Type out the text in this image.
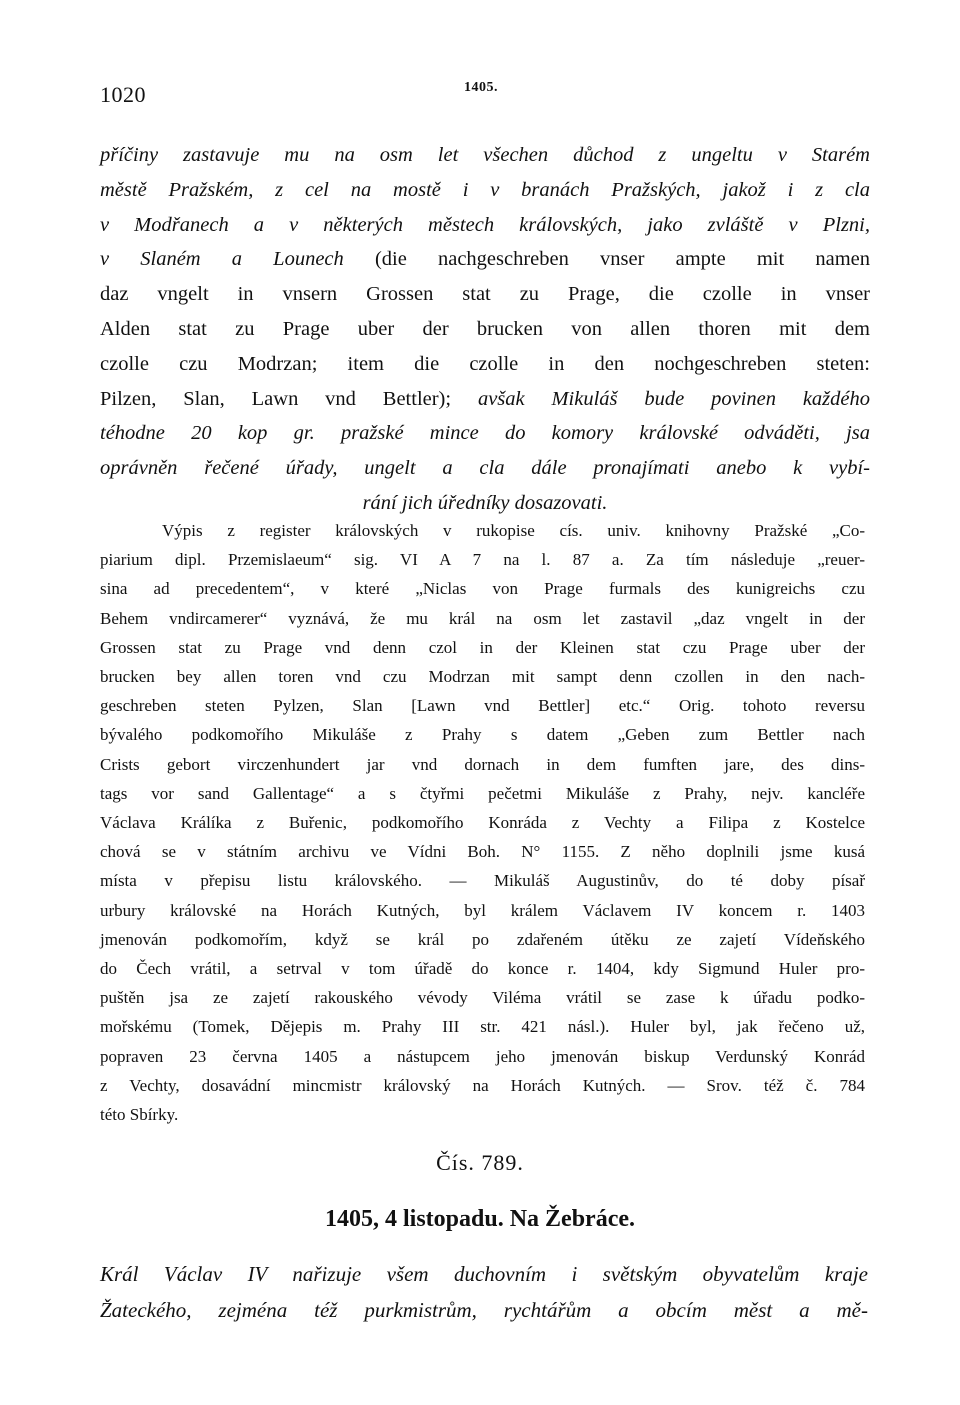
1020	1405.
příčiny zastavuje mu na osm let všechen důchod z ungeltu v Starém
městě Pražském, z cel na mostě i v branách Pražských, jakož i z cla
v Modřanech a v některých městech královských, jako zvláště v Plzni,
v Slaném a Lounech (die nachgeschreben vnser ampte mit namen
daz vngelt in vnsern Grossen stat zu Prage, die czolle in vnser
Alden stat zu Prage uber der brucken von allen thoren mit dem
czolle czu Modrzan; item die czolle in den nochgeschreben steten:
Pilzen, Slan, Lawn vnd Bettler); avšak Mikuláš bude povinen každého
téhodne 20 kop gr. pražské mince do komory královské odváděti, jsa
oprávněn řečené úřady, ungelt a cla dále pronajímati anebo k vybí-
rání jich úředníky dosazovati.
Výpis z register královských v rukopise cís. univ. knihovny Pražské „Co-
piarium dipl. Przemislaeum“ sig. VI A 7 na l. 87 a. Za tím následuje „reuer-
sina ad precedentem“, v které „Niclas von Prage furmals des kunigreichs czu
Behem vndircamerer“ vyznává, že mu král na osm let zastavil „daz vngelt in der
Grossen stat zu Prage vnd denn czol in der Kleinen stat czu Prage uber der
brucken bey allen toren vnd czu Modrzan mit sampt denn czollen in den nach-
geschreben steten Pylzen, Slan [Lawn vnd Bettler] etc.“ Orig. tohoto reversu
bývalého podkomořího Mikuláše z Prahy s datem „Geben zum Bettler nach
Crists gebort virczenhundert jar vnd dornach in dem fumften jare, des dins-
tags vor sand Gallentage“ a s čtyřmi pečetmi Mikuláše z Prahy, nejv. kancléře
Václava Králíka z Buřenic, podkomořího Konráda z Vechty a Filipa z Kostelce
chová se v státním archivu ve Vídni Boh. N° 1155. Z něho doplnili jsme kusá
místa v přepisu listu královského. — Mikuláš Augustinův, do té doby písař
urbury královské na Horách Kutných, byl králem Václavem IV koncem r. 1403
jmenován podkomořím, když se král po zdařeném útěku ze zajetí Vídeňského
do Čech vrátil, a setrval v tom úřadě do konce r. 1404, kdy Sigmund Huler pro-
puštěn jsa ze zajetí rakouského vévody Viléma vrátil se zase k úřadu podko-
mořskému (Tomek, Dějepis m. Prahy III str. 421 násl.). Huler byl, jak řečeno už,
popraven 23 června 1405 a nástupcem jeho jmenován biskup Verdunský Konrád
z Vechty, dosavádní mincmistr královský na Horách Kutných. — Srov. též č. 784
této Sbírky.
Čís. 789.
1405, 4 listopadu. Na Žebráce.
Král Václav IV nařizuje všem duchovním i světským obyvatelům kraje
Žateckého, zejména též purkmistrům, rychtářům a obcím měst a mě-
